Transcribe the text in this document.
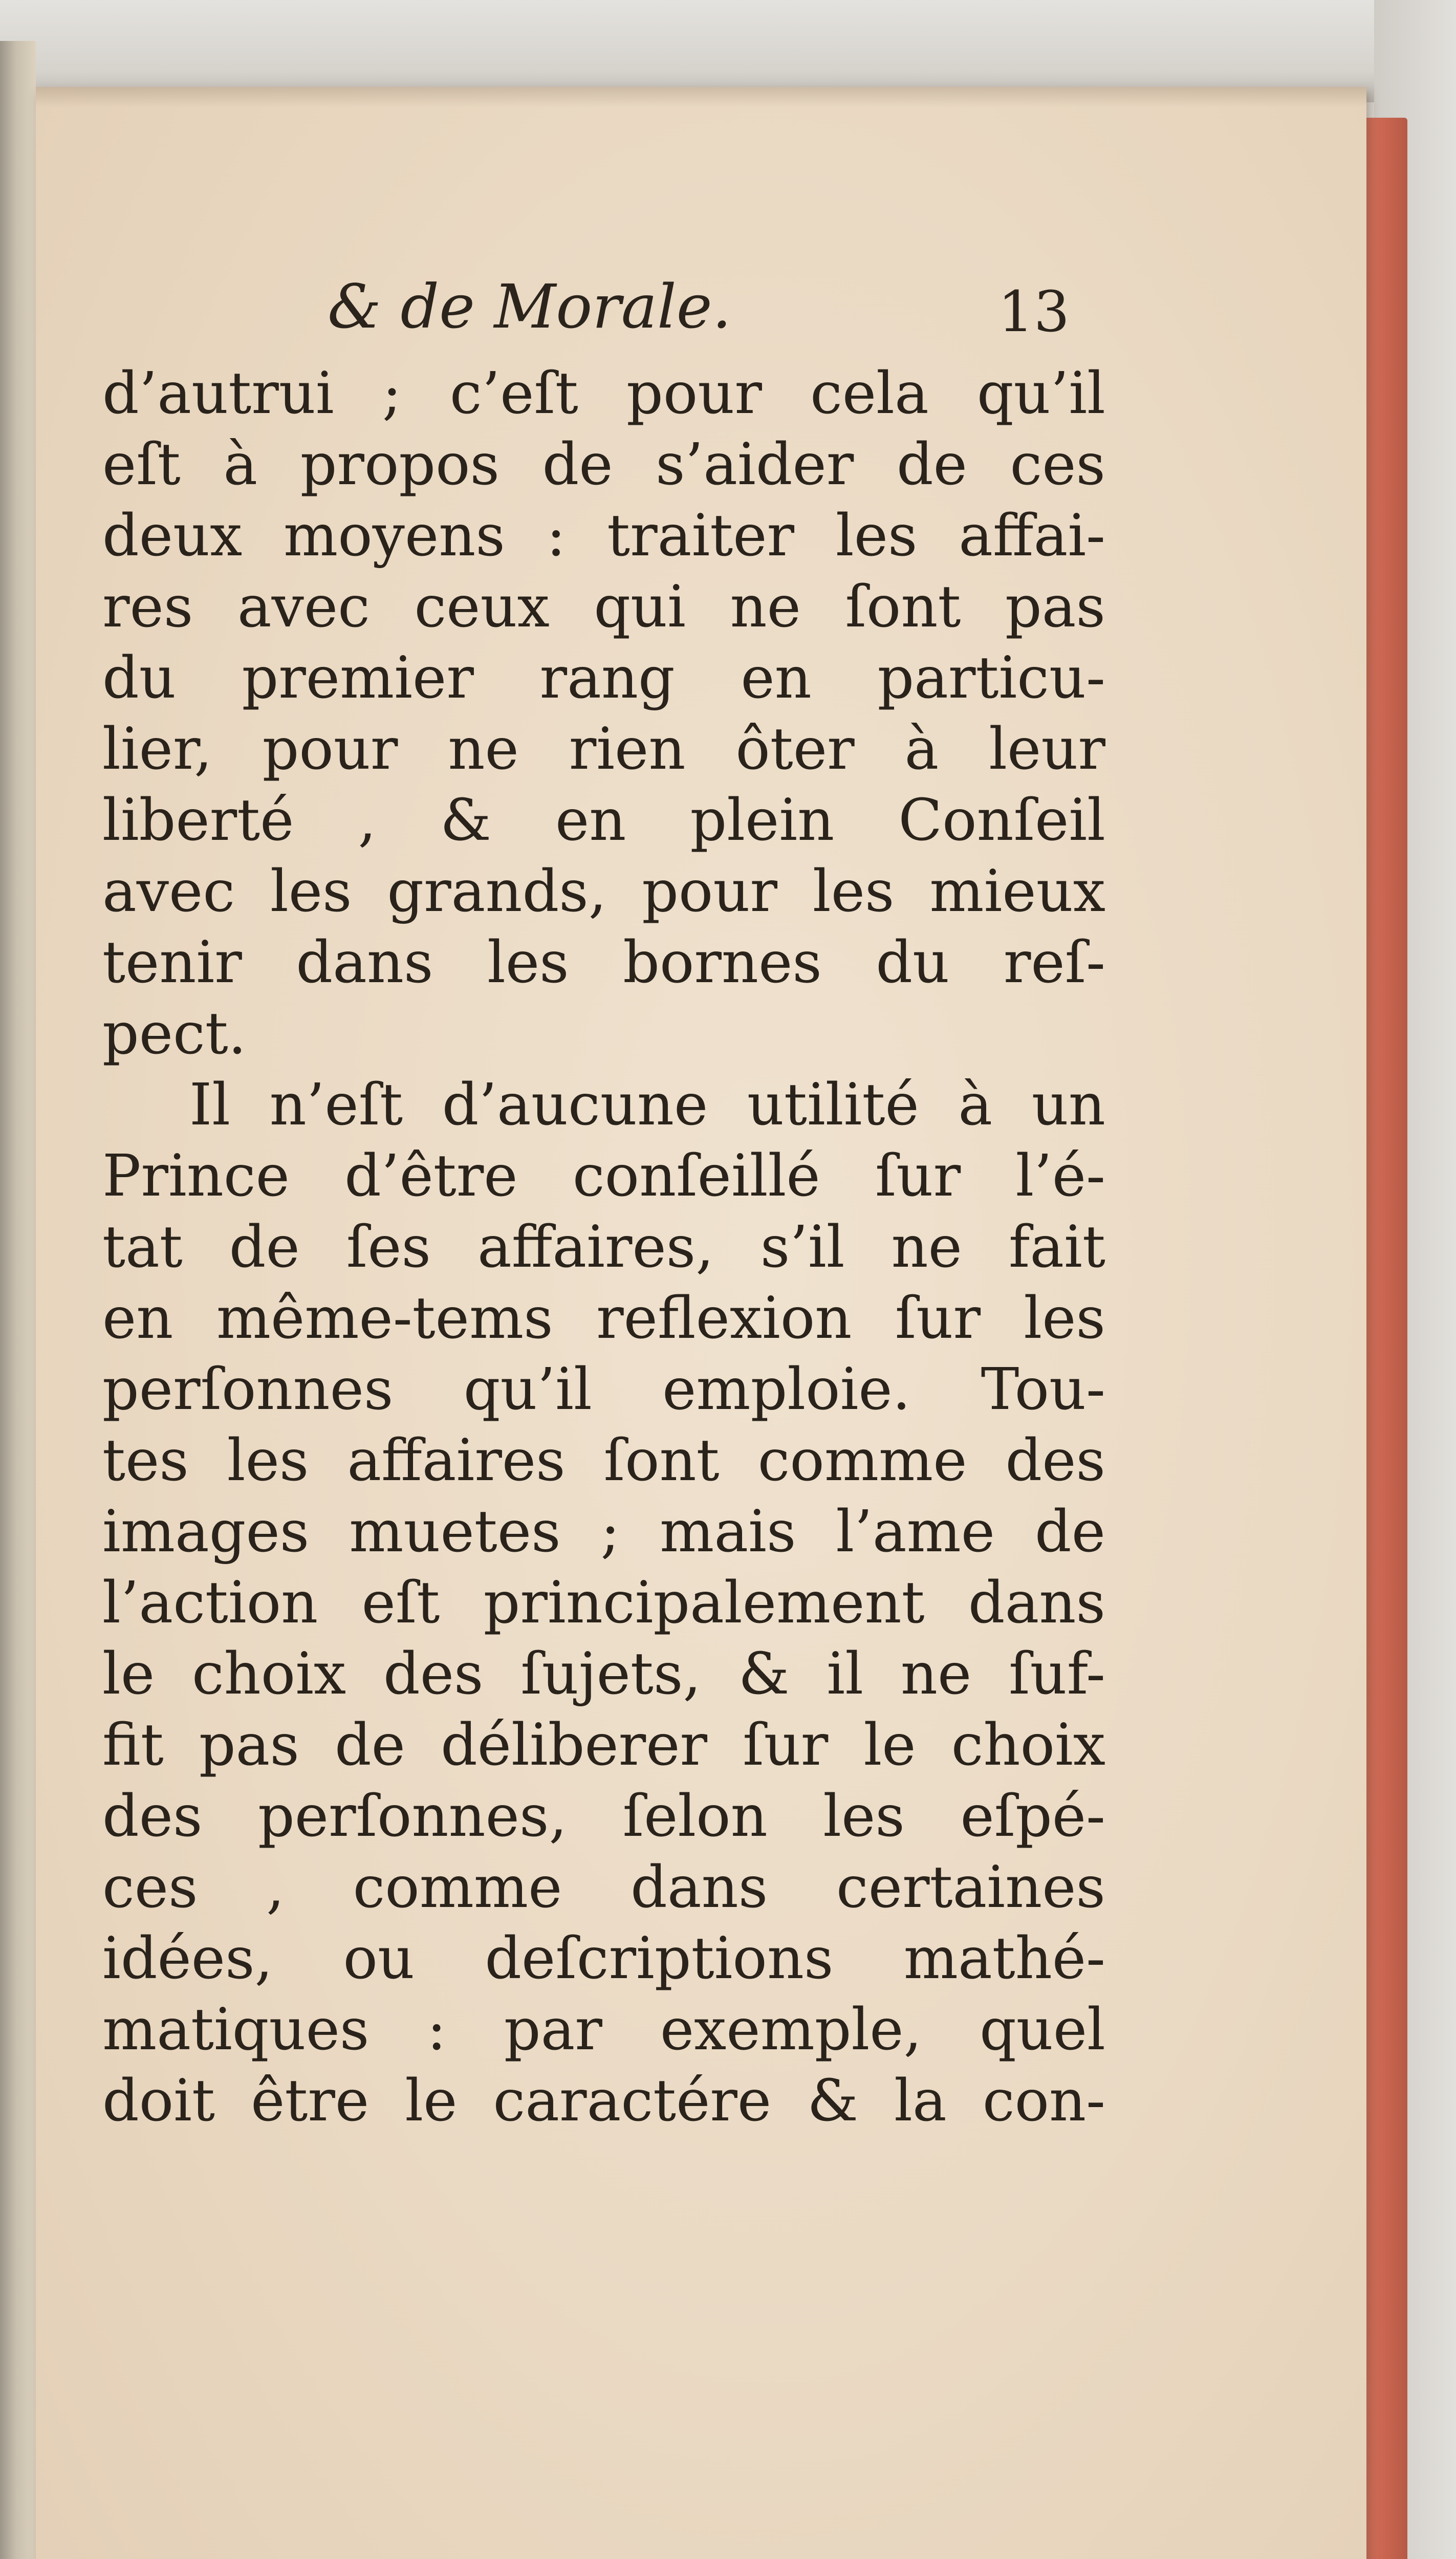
& de Morale.	13
d’autrui ; c’eſt pour cela qu’il
eſt à propos de s’aider de ces
deux moyens : traiter les affai-
res avec ceux qui ne ſont pas
du premier rang en particu-
lier, pour ne rien ôter à leur
liberté , & en plein Conſeil
avec les grands, pour les mieux
tenir dans les bornes du reſ-
pect.
Il n’eſt d’aucune utilité à un
Prince d’être conſeillé ſur l’é-
tat de ſes affaires, s’il ne fait
en même-tems reflexion ſur les
perſonnes qu’il emploie. Tou-
tes les affaires ſont comme des
images muetes ; mais l’ame de
l’action eſt principalement dans
le choix des ſujets, & il ne ſuf-
fit pas de déliberer ſur le choix
des perſonnes, ſelon les eſpé-
ces , comme dans certaines
idées, ou deſcriptions mathé-
matiques : par exemple, quel
doit être le caractére & la con-
